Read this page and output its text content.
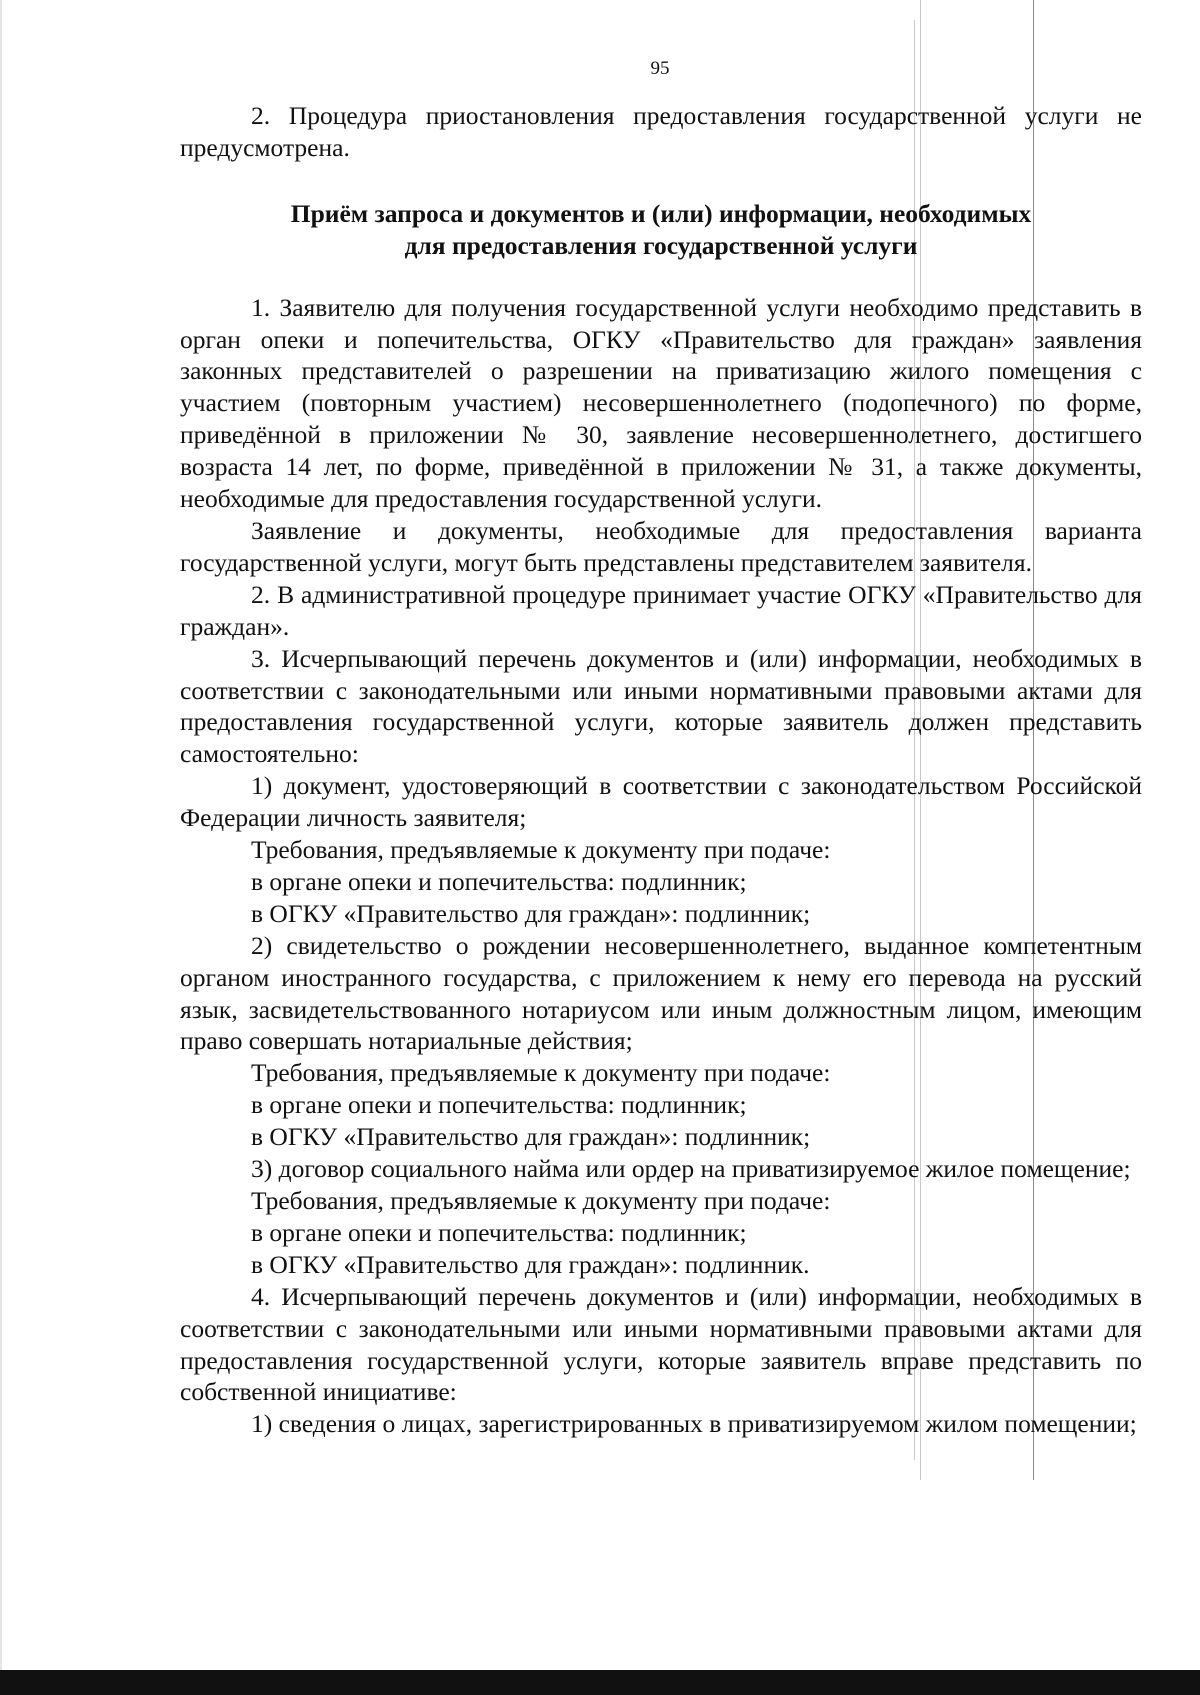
95

2. Процедура приостановления предоставления государственной услуги не предусмотрена.

Приём запроса и документов и (или) информации, необходимых
для предоставления государственной услуги

1. Заявителю для получения государственной услуги необходимо представить в орган опеки и попечительства, ОГКУ «Правительство для граждан» заявления законных представителей о разрешении на приватизацию жилого помещения с участием (повторным участием) несовершеннолетнего (подопечного) по форме, приведённой в приложении № 30, заявление несовершеннолетнего, достигшего возраста 14 лет, по форме, приведённой в приложении № 31, а также документы, необходимые для предоставления государственной услуги.

Заявление и документы, необходимые для предоставления варианта государственной услуги, могут быть представлены представителем заявителя.

2. В административной процедуре принимает участие ОГКУ «Правительство для граждан».

3. Исчерпывающий перечень документов и (или) информации, необходимых в соответствии с законодательными или иными нормативными правовыми актами для предоставления государственной услуги, которые заявитель должен представить самостоятельно:

1) документ, удостоверяющий в соответствии с законодательством Российской Федерации личность заявителя;

Требования, предъявляемые к документу при подаче:

в органе опеки и попечительства: подлинник;

в ОГКУ «Правительство для граждан»: подлинник;

2) свидетельство о рождении несовершеннолетнего, выданное компетентным органом иностранного государства, с приложением к нему его перевода на русский язык, засвидетельствованного нотариусом или иным должностным лицом, имеющим право совершать нотариальные действия;

Требования, предъявляемые к документу при подаче:

в органе опеки и попечительства: подлинник;

в ОГКУ «Правительство для граждан»: подлинник;

3) договор социального найма или ордер на приватизируемое жилое помещение;

Требования, предъявляемые к документу при подаче:

в органе опеки и попечительства: подлинник;

в ОГКУ «Правительство для граждан»: подлинник.

4. Исчерпывающий перечень документов и (или) информации, необходимых в соответствии с законодательными или иными нормативными правовыми актами для предоставления государственной услуги, которые заявитель вправе представить по собственной инициативе:

1) сведения о лицах, зарегистрированных в приватизируемом жилом помещении;
